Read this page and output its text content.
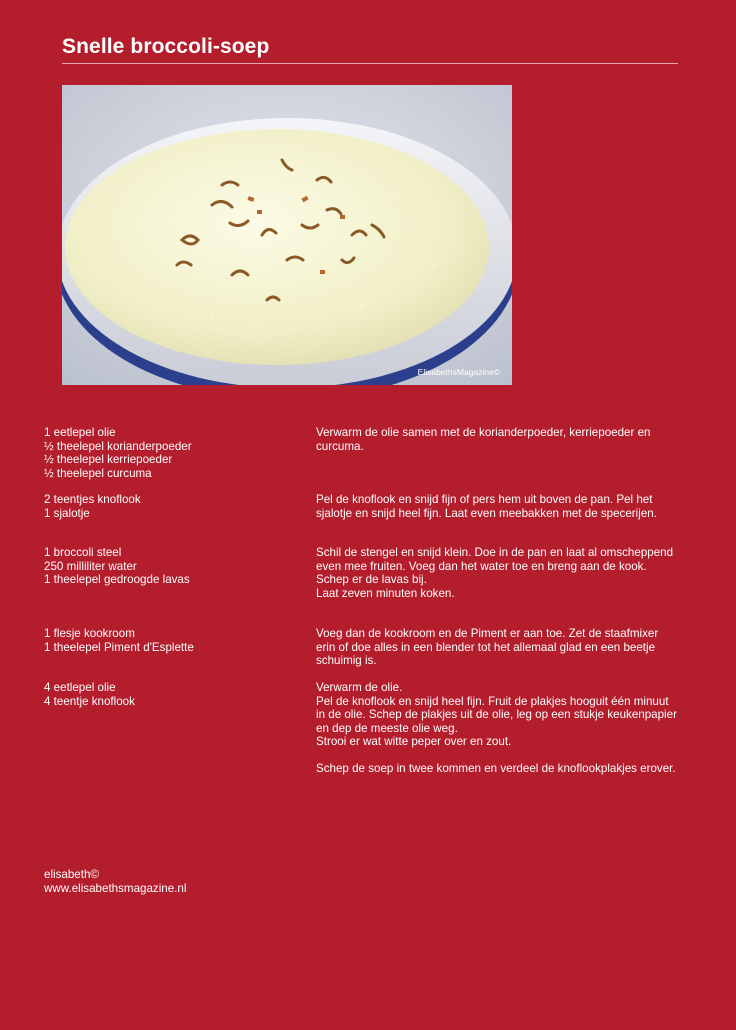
Snelle broccoli-soep
ElisabethsMagazine©
1 eetlepel olie
½ theelepel korianderpoeder
½ theelepel kerriepoeder
½ theelepel curcuma
Verwarm de olie samen met de korianderpoeder, kerriepoeder en
curcuma.
2 teentjes knoflook
1 sjalotje
Pel de knoflook en snijd fijn of pers hem uit boven de pan. Pel het
sjalotje en snijd heel fijn. Laat even meebakken met de specerijen.
1 broccoli steel
250 milliliter water
1 theelepel gedroogde lavas
Schil de stengel en snijd klein. Doe in de pan en laat al omscheppend
even mee fruiten. Voeg dan het water toe en breng aan de kook.
Schep er de lavas bij.
Laat zeven minuten koken.
1 flesje kookroom
1 theelepel Piment d'Esplette
Voeg dan de kookroom en de Piment er aan toe. Zet de staafmixer
erin of doe alles in een blender tot het allemaal glad en een beetje
schuimig is.
4 eetlepel olie
4 teentje knoflook
Verwarm de olie.
Pel de knoflook en snijd heel fijn. Fruit de plakjes hooguit één minuut
in de olie. Schep de plakjes uit de olie, leg op een stukje keukenpapier
en dep de meeste olie weg.
Strooi er wat witte peper over en zout.

Schep de soep in twee kommen en verdeel de knoflookplakjes erover.
elisabeth©
www.elisabethsmagazine.nl
